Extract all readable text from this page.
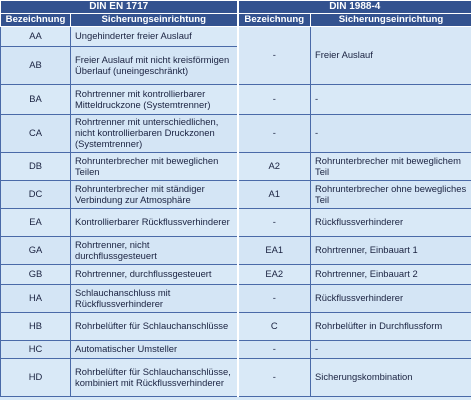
DIN EN 1717		DIN 1988-4	
Bezeichnung	Sicherungseinrichtung	Bezeichnung	Sicherungseinrichtung
AA	Ungehinderter freier Auslauf	-	Freier Auslauf
AB	Freier Auslauf mit nicht kreisförmigen Überlauf (uneingeschränkt)		
BA	Rohrtrenner mit kontrollierbarer Mitteldruckzone (Systemtrenner)	-	-
CA	Rohrtrenner mit unterschiedlichen, nicht kontrollierbaren Druckzonen (Systemtrenner)	-	-
DB	Rohrunterbrecher mit beweglichen Teilen	A2	Rohrunterbrecher mit beweglichem Teil
DC	Rohrunterbrecher mit ständiger Verbindung zur Atmosphäre	A1	Rohrunterbrecher ohne bewegliches Teil
EA	Kontrollierbarer Rückflussverhinderer	-	Rückflussverhinderer
GA	Rohrtrenner, nicht durchflussgesteuert	EA1	Rohrtrenner, Einbauart 1
GB	Rohrtrenner, durchflussgesteuert	EA2	Rohrtrenner, Einbauart 2
HA	Schlauchanschluss mit Rückflussverhinderer	-	Rückflussverhinderer
HB	Rohrbelüfter für Schlauchanschlüsse	C	Rohrbelüfter in Durchflussform
HC	Automatischer Umsteller	-	-
HD	Rohrbelüfter für Schlauchanschlüsse, kombiniert mit Rückflussverhinderer	-	Sicherungskombination
